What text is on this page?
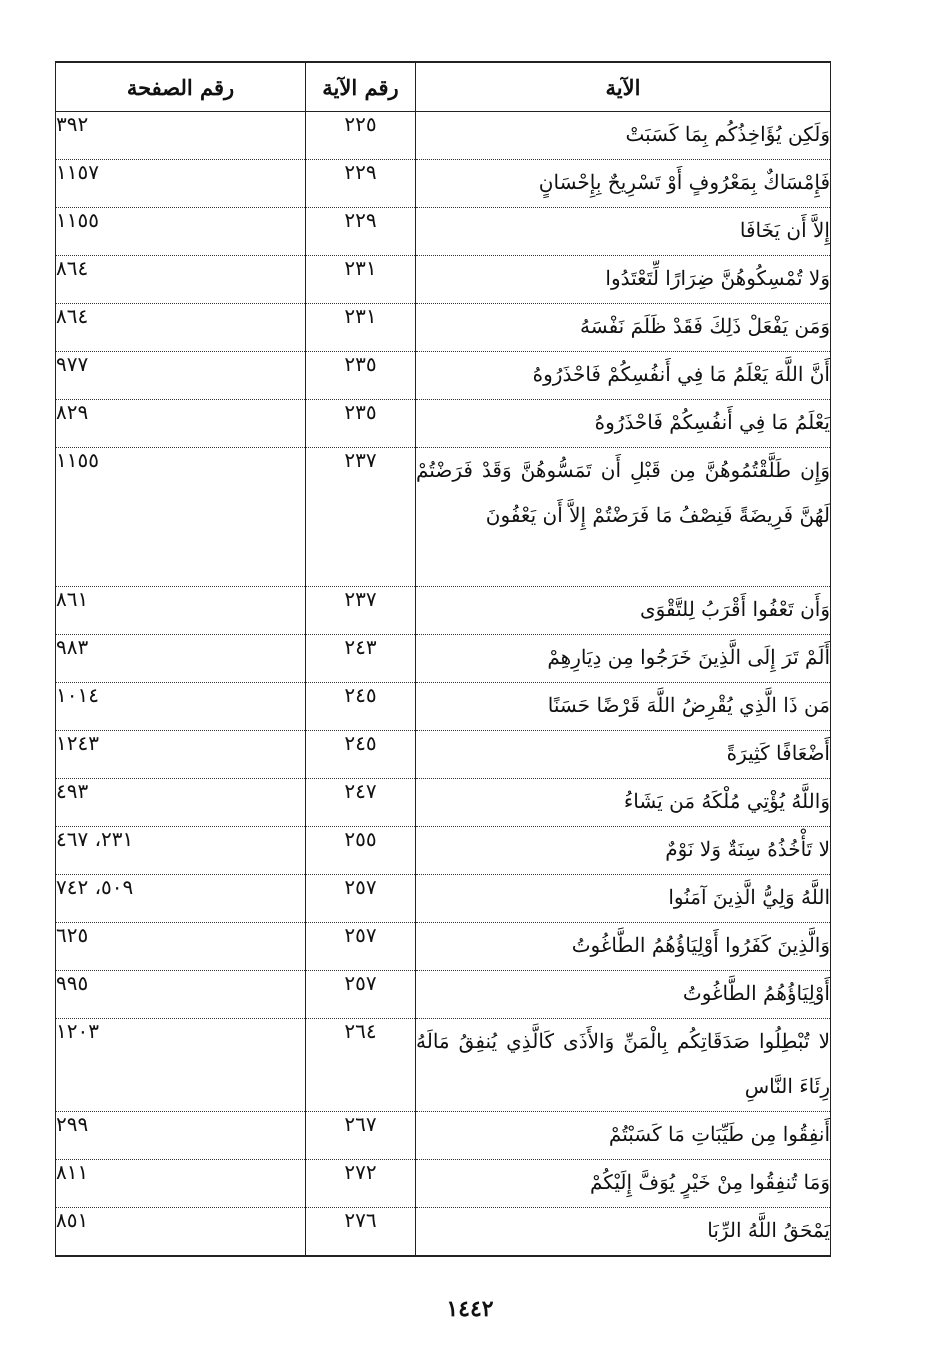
الآية	رقم الآية	رقم الصفحة
وَلَكِن يُؤَاخِذُكُم بِمَا كَسَبَتْ	٢٢٥	٣٩٢
فَإِمْسَاكٌ بِمَعْرُوفٍ أَوْ تَسْرِيحٌ بِإِحْسَانٍ	٢٢٩	١١٥٧
إِلاَّ أَن يَخَافَا	٢٢٩	١١٥٥
وَلا تُمْسِكُوهُنَّ ضِرَارًا لِّتَعْتَدُوا	٢٣١	٨٦٤
وَمَن يَفْعَلْ ذَلِكَ فَقَدْ ظَلَمَ نَفْسَهُ	٢٣١	٨٦٤
أَنَّ اللَّهَ يَعْلَمُ مَا فِي أَنفُسِكُمْ فَاحْذَرُوهُ	٢٣٥	٩٧٧
يَعْلَمُ مَا فِي أَنفُسِكُمْ فَاحْذَرُوهُ	٢٣٥	٨٢٩
وَإِن طَلَّقْتُمُوهُنَّ مِن قَبْلِ أَن تَمَسُّوهُنَّ وَقَدْ فَرَضْتُمْ لَهُنَّ فَرِيضَةً فَنِصْفُ مَا فَرَضْتُمْ إِلاَّ أَن يَعْفُونَ	٢٣٧	١١٥٥
وَأَن تَعْفُوا أَقْرَبُ لِلتَّقْوَى	٢٣٧	٨٦١
أَلَمْ تَرَ إِلَى الَّذِينَ خَرَجُوا مِن دِيَارِهِمْ	٢٤٣	٩٨٣
مَن ذَا الَّذِي يُقْرِضُ اللَّهَ قَرْضًا حَسَنًا	٢٤٥	١٠١٤
أَضْعَافًا كَثِيرَةً	٢٤٥	١٢٤٣
وَاللَّهُ يُؤْتِي مُلْكَهُ مَن يَشَاءُ	٢٤٧	٤٩٣
لا تَأْخُذُهُ سِنَةٌ وَلا نَوْمٌ	٢٥٥	٢٣١، ٤٦٧
اللَّهُ وَلِيُّ الَّذِينَ آمَنُوا	٢٥٧	٥٠٩، ٧٤٢
وَالَّذِينَ كَفَرُوا أَوْلِيَاؤُهُمُ الطَّاغُوتُ	٢٥٧	٦٢٥
أَوْلِيَاؤُهُمُ الطَّاغُوتُ	٢٥٧	٩٩٥
لا تُبْطِلُوا صَدَقَاتِكُم بِالْمَنِّ وَالأَذَى كَالَّذِي يُنفِقُ مَالَهُ رِئَاءَ النَّاسِ	٢٦٤	١٢٠٣
أَنفِقُوا مِن طَيِّبَاتِ مَا كَسَبْتُمْ	٢٦٧	٢٩٩
وَمَا تُنفِقُوا مِنْ خَيْرٍ يُوَفَّ إِلَيْكُمْ	٢٧٢	٨١١
يَمْحَقُ اللَّهُ الرِّبَا	٢٧٦	٨٥١
١٤٤٢
